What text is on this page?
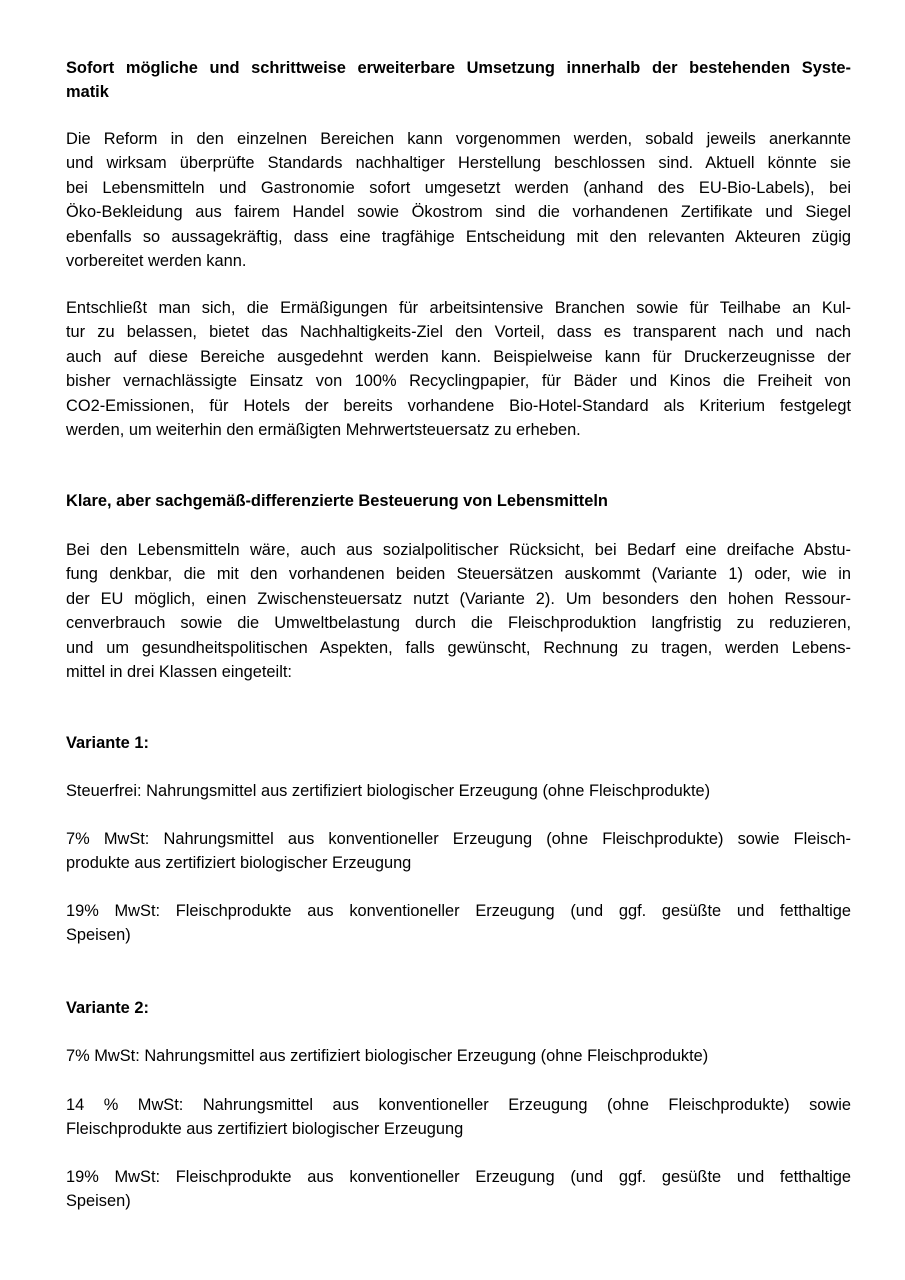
Sofort mögliche und schrittweise erweiterbare Umsetzung innerhalb der bestehenden Syste-
matik
Die Reform in den einzelnen Bereichen kann vorgenommen werden, sobald jeweils anerkannte
und wirksam überprüfte Standards nachhaltiger Herstellung beschlossen sind. Aktuell könnte sie
bei Lebensmitteln und Gastronomie sofort umgesetzt werden (anhand des EU-Bio-Labels), bei
Öko-Bekleidung aus fairem Handel sowie Ökostrom sind die vorhandenen Zertifikate und Siegel
ebenfalls so aussagekräftig, dass eine tragfähige Entscheidung mit den relevanten Akteuren zügig
vorbereitet werden kann.
Entschließt man sich, die Ermäßigungen für arbeitsintensive Branchen sowie für Teilhabe an Kul-
tur zu belassen, bietet das Nachhaltigkeits-Ziel den Vorteil, dass es transparent nach und nach
auch auf diese Bereiche ausgedehnt werden kann. Beispielweise kann für Druckerzeugnisse der
bisher vernachlässigte Einsatz von 100% Recyclingpapier, für Bäder und Kinos die Freiheit von
CO2-Emissionen, für Hotels der bereits vorhandene Bio-Hotel-Standard als Kriterium festgelegt
werden, um weiterhin den ermäßigten Mehrwertsteuersatz zu erheben.
Klare, aber sachgemäß-differenzierte Besteuerung von Lebensmitteln
Bei den Lebensmitteln wäre, auch aus sozialpolitischer Rücksicht, bei Bedarf eine dreifache Abstu-
fung denkbar, die mit den vorhandenen beiden Steuersätzen auskommt (Variante 1) oder, wie in
der EU möglich, einen Zwischensteuersatz nutzt (Variante 2). Um besonders den hohen Ressour-
cenverbrauch sowie die Umweltbelastung durch die Fleischproduktion langfristig zu reduzieren,
und um gesundheitspolitischen Aspekten, falls gewünscht, Rechnung zu tragen, werden Lebens-
mittel in drei Klassen eingeteilt:
Variante 1:
Steuerfrei: Nahrungsmittel aus zertifiziert biologischer Erzeugung (ohne Fleischprodukte)
7% MwSt: Nahrungsmittel aus konventioneller Erzeugung (ohne Fleischprodukte) sowie Fleisch-
produkte aus zertifiziert biologischer Erzeugung
19% MwSt: Fleischprodukte aus konventioneller Erzeugung (und ggf. gesüßte und fetthaltige
Speisen)
Variante 2:
7% MwSt: Nahrungsmittel aus zertifiziert biologischer Erzeugung (ohne Fleischprodukte)
14 % MwSt: Nahrungsmittel aus konventioneller Erzeugung (ohne Fleischprodukte) sowie
Fleischprodukte aus zertifiziert biologischer Erzeugung
19% MwSt: Fleischprodukte aus konventioneller Erzeugung (und ggf. gesüßte und fetthaltige
Speisen)
